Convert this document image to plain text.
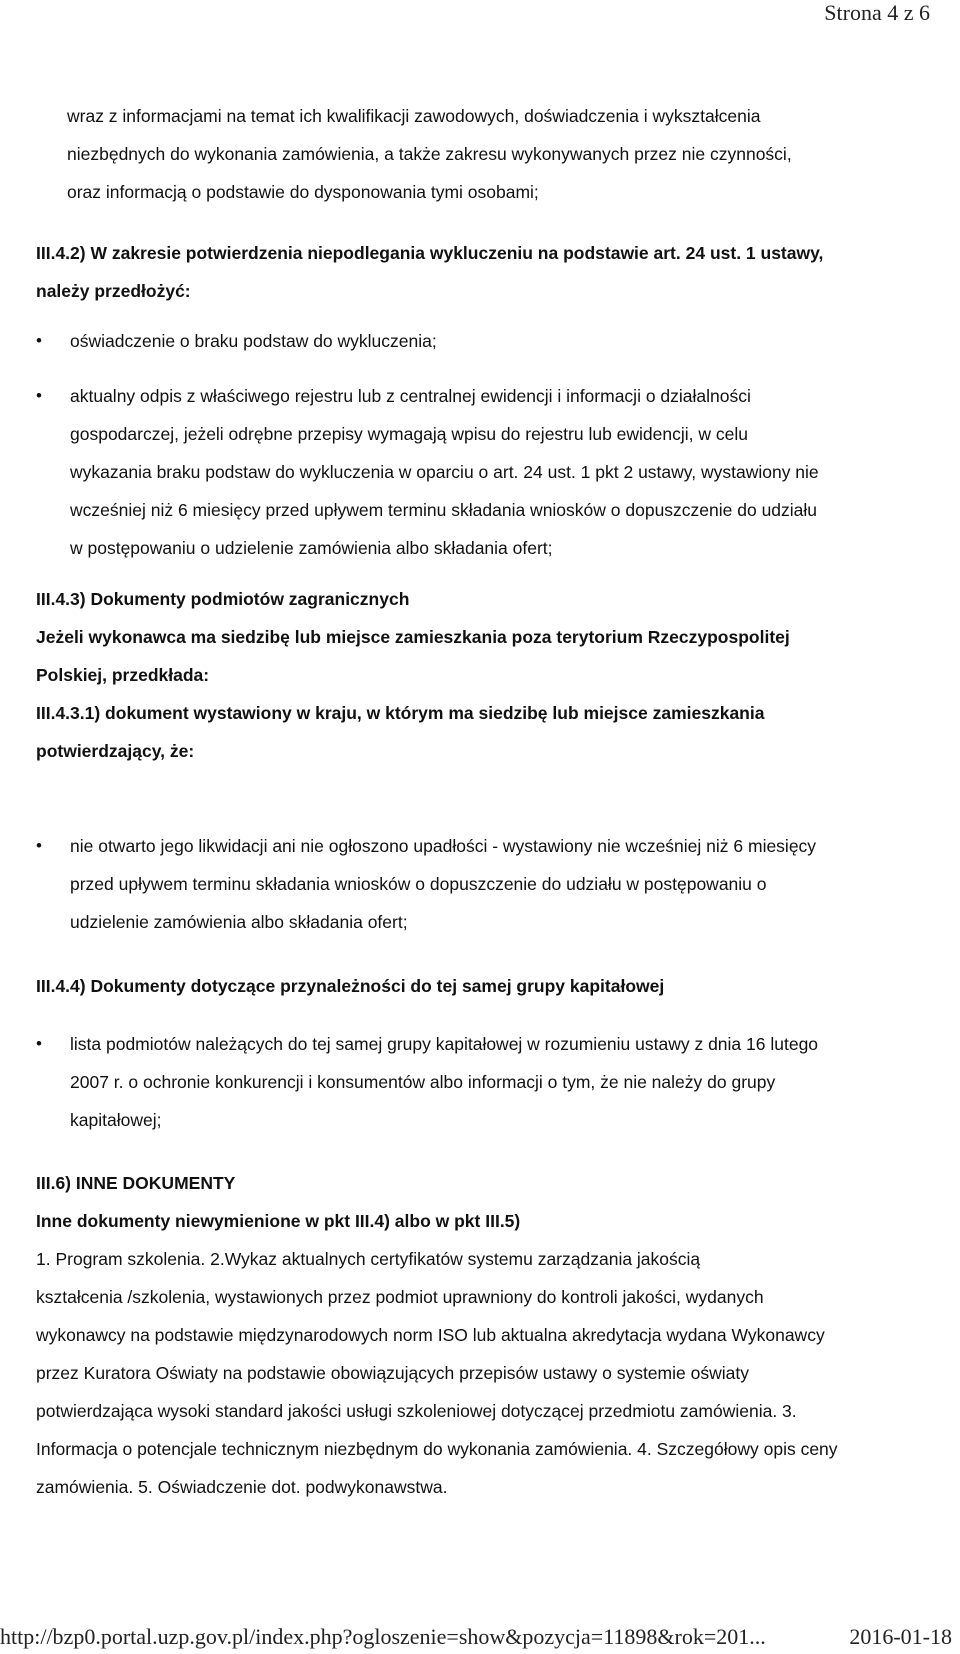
Strona 4 z 6

wraz z informacjami na temat ich kwalifikacji zawodowych, doświadczenia i wykształcenia

niezbędnych do wykonania zamówienia, a także zakresu wykonywanych przez nie czynności,

oraz informacją o podstawie do dysponowania tymi osobami;

III.4.2) W zakresie potwierdzenia niepodlegania wykluczeniu na podstawie art. 24 ust. 1 ustawy,

należy przedłożyć:

•	oświadczenie o braku podstaw do wykluczenia;

•	aktualny odpis z właściwego rejestru lub z centralnej ewidencji i informacji o działalności

gospodarczej, jeżeli odrębne przepisy wymagają wpisu do rejestru lub ewidencji, w celu

wykazania braku podstaw do wykluczenia w oparciu o art. 24 ust. 1 pkt 2 ustawy, wystawiony nie

wcześniej niż 6 miesięcy przed upływem terminu składania wniosków o dopuszczenie do udziału

w postępowaniu o udzielenie zamówienia albo składania ofert;

III.4.3) Dokumenty podmiotów zagranicznych

Jeżeli wykonawca ma siedzibę lub miejsce zamieszkania poza terytorium Rzeczypospolitej

Polskiej, przedkłada:

III.4.3.1) dokument wystawiony w kraju, w którym ma siedzibę lub miejsce zamieszkania

potwierdzający, że:

•	nie otwarto jego likwidacji ani nie ogłoszono upadłości - wystawiony nie wcześniej niż 6 miesięcy

przed upływem terminu składania wniosków o dopuszczenie do udziału w postępowaniu o

udzielenie zamówienia albo składania ofert;

III.4.4) Dokumenty dotyczące przynależności do tej samej grupy kapitałowej

•	lista podmiotów należących do tej samej grupy kapitałowej w rozumieniu ustawy z dnia 16 lutego

2007 r. o ochronie konkurencji i konsumentów albo informacji o tym, że nie należy do grupy

kapitałowej;

III.6) INNE DOKUMENTY

Inne dokumenty niewymienione w pkt III.4) albo w pkt III.5)

1. Program szkolenia. 2.Wykaz aktualnych certyfikatów systemu zarządzania jakością

kształcenia /szkolenia, wystawionych przez podmiot uprawniony do kontroli jakości, wydanych

wykonawcy na podstawie międzynarodowych norm ISO lub aktualna akredytacja wydana Wykonawcy

przez Kuratora Oświaty na podstawie obowiązujących przepisów ustawy o systemie oświaty

potwierdzająca wysoki standard jakości usługi szkoleniowej dotyczącej przedmiotu zamówienia. 3.

Informacja o potencjale technicznym niezbędnym do wykonania zamówienia. 4. Szczegółowy opis ceny

zamówienia. 5. Oświadczenie dot. podwykonawstwa.

http://bzp0.portal.uzp.gov.pl/index.php?ogloszenie=show&pozycja=11898&rok=201...	2016-01-18
